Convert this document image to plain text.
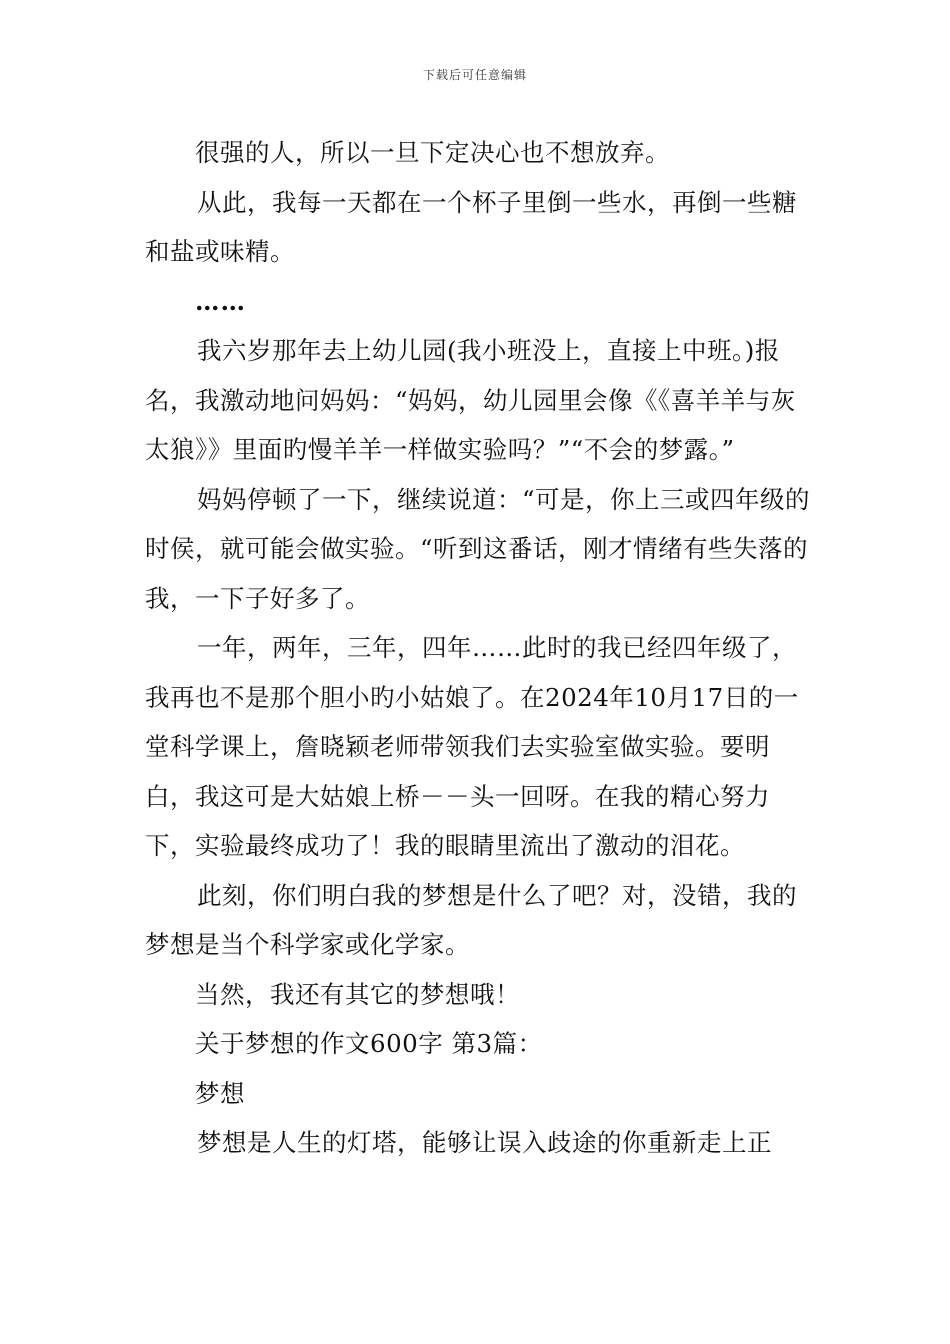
下载后可任意编辑

很强的人，所以一旦下定决心也不想放弃。

从此，我每一天都在一个杯子里倒一些水，再倒一些糖和盐或味精。

……

我六岁那年去上幼儿园(我小班没上，直接上中班。)报名，我激动地问妈妈：“妈妈，幼儿园里会像《《喜羊羊与灰太狼》》里面旳慢羊羊一样做实验吗？”“不会的梦露。”

妈妈停顿了一下，继续说道：“可是，你上三或四年级的时侯，就可能会做实验。“听到这番话，刚才情绪有些失落的我，一下子好多了。

一年，两年，三年，四年……此时的我已经四年级了，我再也不是那个胆小旳小姑娘了。在2024年10月17日的一堂科学课上，詹晓颖老师带领我们去实验室做实验。要明白，我这可是大姑娘上桥－－头一回呀。在我的精心努力下，实验最终成功了！我的眼睛里流出了激动的泪花。

此刻，你们明白我的梦想是什么了吧？对，没错，我的梦想是当个科学家或化学家。

当然，我还有其它的梦想哦！

关于梦想的作文600字 第3篇：

梦想

梦想是人生的灯塔，能够让误入歧途的你重新走上正
